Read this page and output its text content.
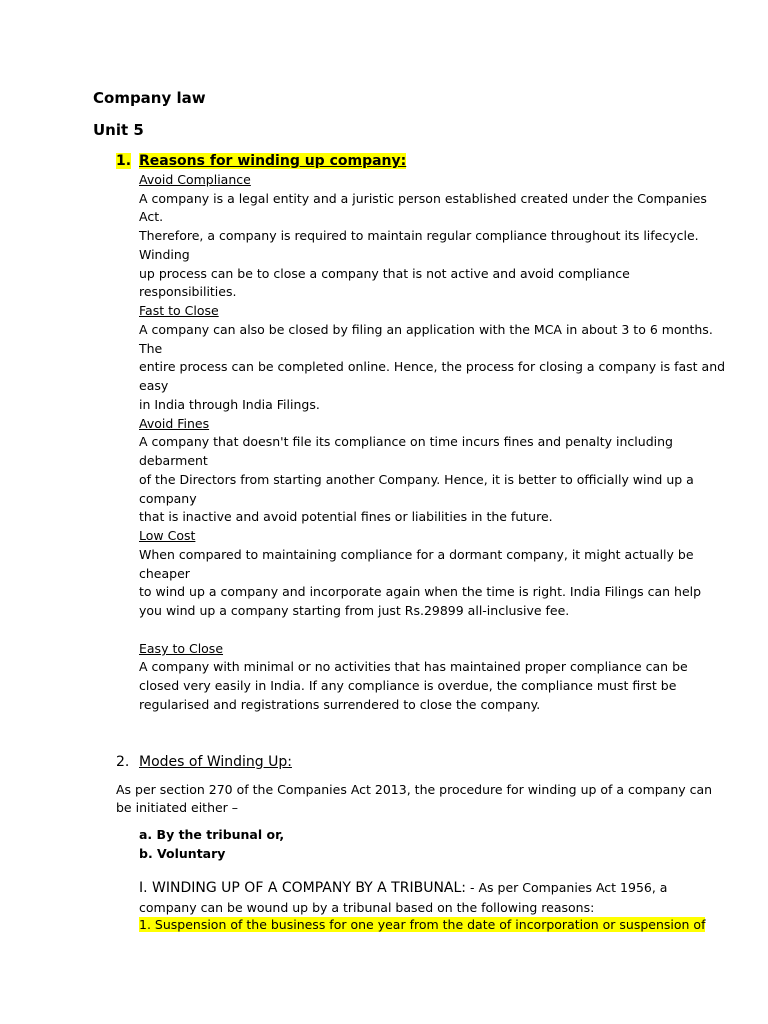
Company law
Unit 5
1. Reasons for winding up company:
Avoid Compliance
A company is a legal entity and a juristic person established created under the Companies
Act.
Therefore, a company is required to maintain regular compliance throughout its lifecycle.
Winding
up process can be to close a company that is not active and avoid compliance
responsibilities.
Fast to Close
A company can also be closed by filing an application with the MCA in about 3 to 6 months.
The
entire process can be completed online. Hence, the process for closing a company is fast and
easy
in India through India Filings.
Avoid Fines
A company that doesn't file its compliance on time incurs fines and penalty including
debarment
of the Directors from starting another Company. Hence, it is better to officially wind up a
company
that is inactive and avoid potential fines or liabilities in the future.
Low Cost
When compared to maintaining compliance for a dormant company, it might actually be
cheaper
to wind up a company and incorporate again when the time is right. India Filings can help
you wind up a company starting from just Rs.29899 all-inclusive fee.
Easy to Close
A company with minimal or no activities that has maintained proper compliance can be
closed very easily in India. If any compliance is overdue, the compliance must first be
regularised and registrations surrendered to close the company.
2. Modes of Winding Up:
As per section 270 of the Companies Act 2013, the procedure for winding up of a company can
be initiated either –
a. By the tribunal or,
b. Voluntary
I. WINDING UP OF A COMPANY BY A TRIBUNAL: - As per Companies Act 1956, a
company can be wound up by a tribunal based on the following reasons:
1. Suspension of the business for one year from the date of incorporation or suspension of
